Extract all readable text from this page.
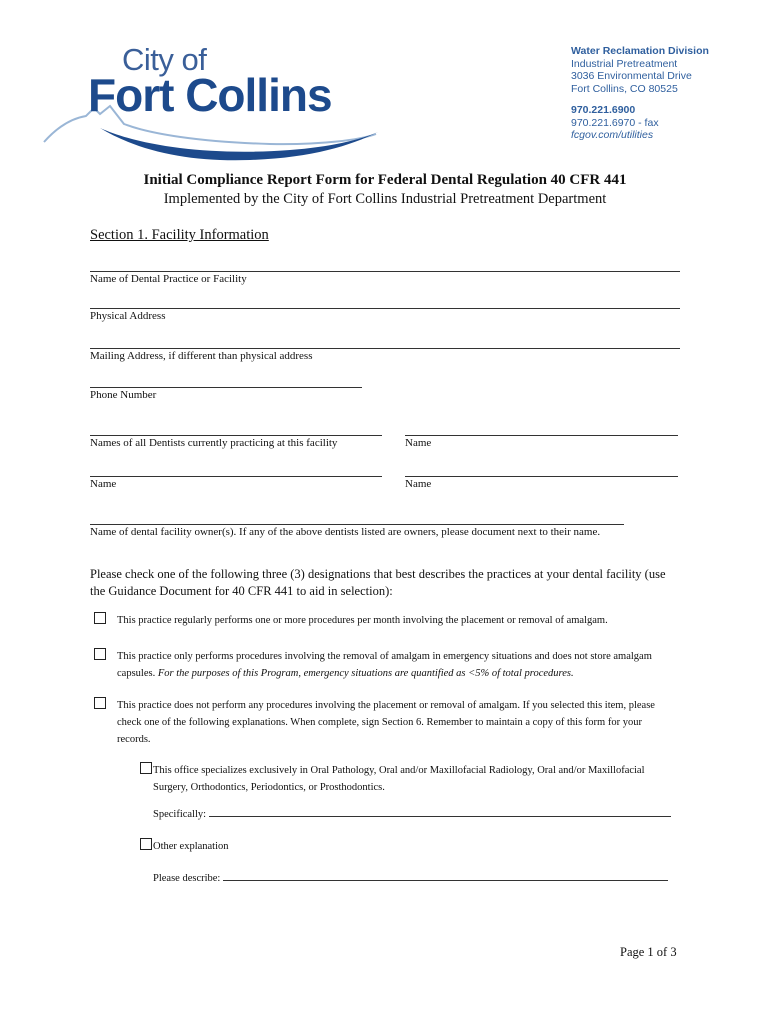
City of
Fort Collins
Water Reclamation Division
Industrial Pretreatment
3036 Environmental Drive
Fort Collins, CO 80525
970.221.6900
970.221.6970 - fax
fcgov.com/utilities
Initial Compliance Report Form for Federal Dental Regulation 40 CFR 441
Implemented by the City of Fort Collins Industrial Pretreatment Department
Section 1. Facility Information
Name of Dental Practice or Facility
Physical Address
Mailing Address, if different than physical address
Phone Number
Names of all Dentists currently practicing at this facility	Name
Name	Name
Name of dental facility owner(s). If any of the above dentists listed are owners, please document next to their name.
Please check one of the following three (3) designations that best describes the practices at your dental facility (use the Guidance Document for 40 CFR 441 to aid in selection):
This practice regularly performs one or more procedures per month involving the placement or removal of amalgam.
This practice only performs procedures involving the removal of amalgam in emergency situations and does not store amalgam capsules. For the purposes of this Program, emergency situations are quantified as <5% of total procedures.
This practice does not perform any procedures involving the placement or removal of amalgam. If you selected this item, please check one of the following explanations. When complete, sign Section 6. Remember to maintain a copy of this form for your records.
This office specializes exclusively in Oral Pathology, Oral and/or Maxillofacial Radiology, Oral and/or Maxillofacial Surgery, Orthodontics, Periodontics, or Prosthodontics.
Specifically:
Other explanation
Please describe:
Page 1 of 3
